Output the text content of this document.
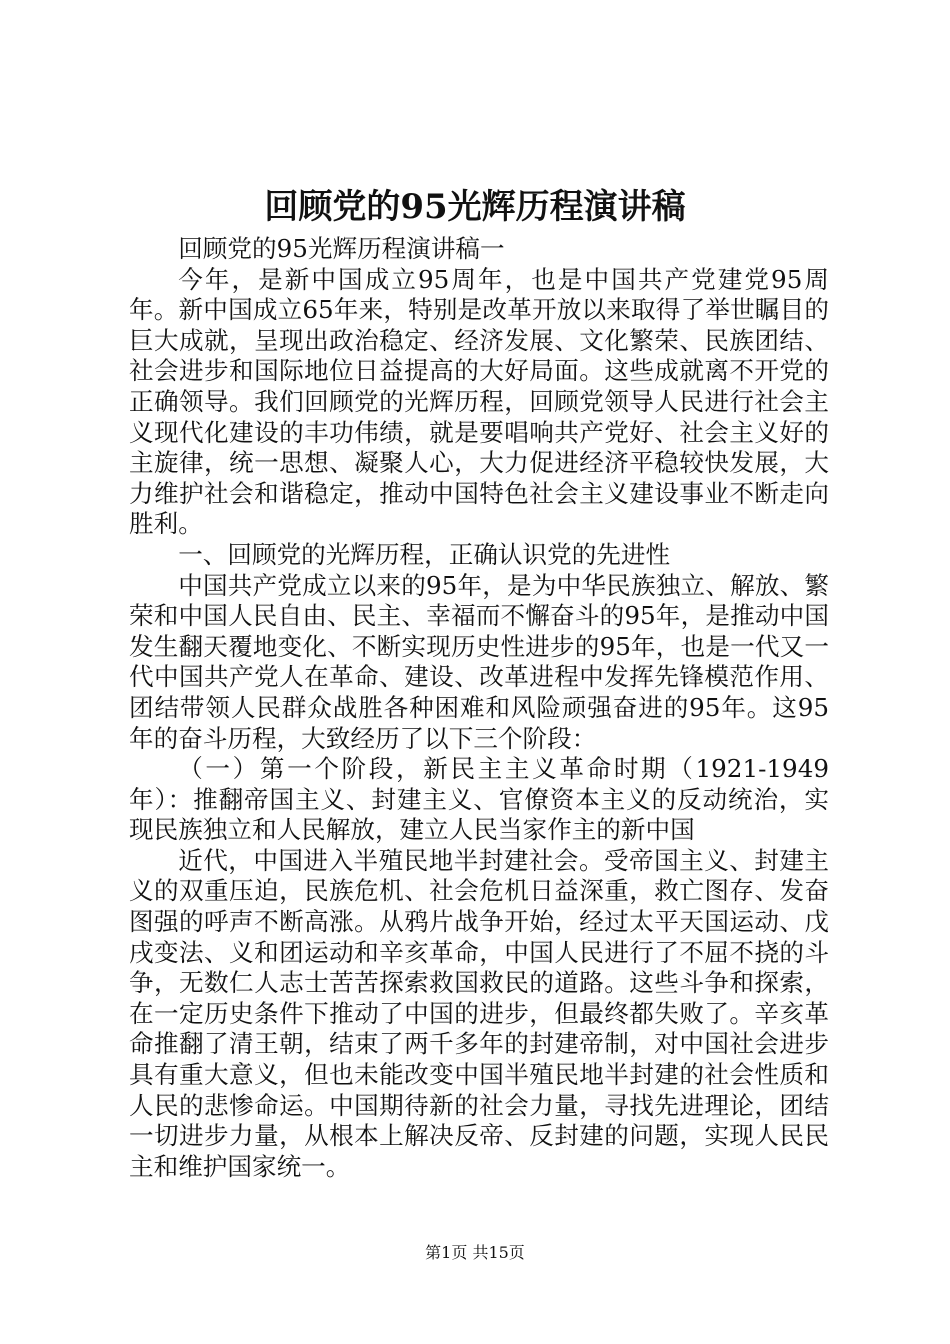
回顾党的95光辉历程演讲稿

回顾党的95光辉历程演讲稿一

今年，是新中国成立95周年，也是中国共产党建党95周年。新中国成立65年来，特别是改革开放以来取得了举世瞩目的巨大成就，呈现出政治稳定、经济发展、文化繁荣、民族团结、社会进步和国际地位日益提高的大好局面。这些成就离不开党的正确领导。我们回顾党的光辉历程，回顾党领导人民进行社会主义现代化建设的丰功伟绩，就是要唱响共产党好、社会主义好的主旋律，统一思想、凝聚人心，大力促进经济平稳较快发展，大力维护社会和谐稳定，推动中国特色社会主义建设事业不断走向胜利。

一、回顾党的光辉历程，正确认识党的先进性

中国共产党成立以来的95年，是为中华民族独立、解放、繁荣和中国人民自由、民主、幸福而不懈奋斗的95年，是推动中国发生翻天覆地变化、不断实现历史性进步的95年，也是一代又一代中国共产党人在革命、建设、改革进程中发挥先锋模范作用、团结带领人民群众战胜各种困难和风险顽强奋进的95年。这95年的奋斗历程，大致经历了以下三个阶段：

（一）第一个阶段，新民主主义革命时期（1921-1949年）：推翻帝国主义、封建主义、官僚资本主义的反动统治，实现民族独立和人民解放，建立人民当家作主的新中国

近代，中国进入半殖民地半封建社会。受帝国主义、封建主义的双重压迫，民族危机、社会危机日益深重，救亡图存、发奋图强的呼声不断高涨。从鸦片战争开始，经过太平天国运动、戊戌变法、义和团运动和辛亥革命，中国人民进行了不屈不挠的斗争，无数仁人志士苦苦探索救国救民的道路。这些斗争和探索，在一定历史条件下推动了中国的进步，但最终都失败了。辛亥革命推翻了清王朝，结束了两千多年的封建帝制，对中国社会进步具有重大意义，但也未能改变中国半殖民地半封建的社会性质和人民的悲惨命运。中国期待新的社会力量，寻找先进理论，团结一切进步力量，从根本上解决反帝、反封建的问题，实现人民民主和维护国家统一。

第1页 共15页
